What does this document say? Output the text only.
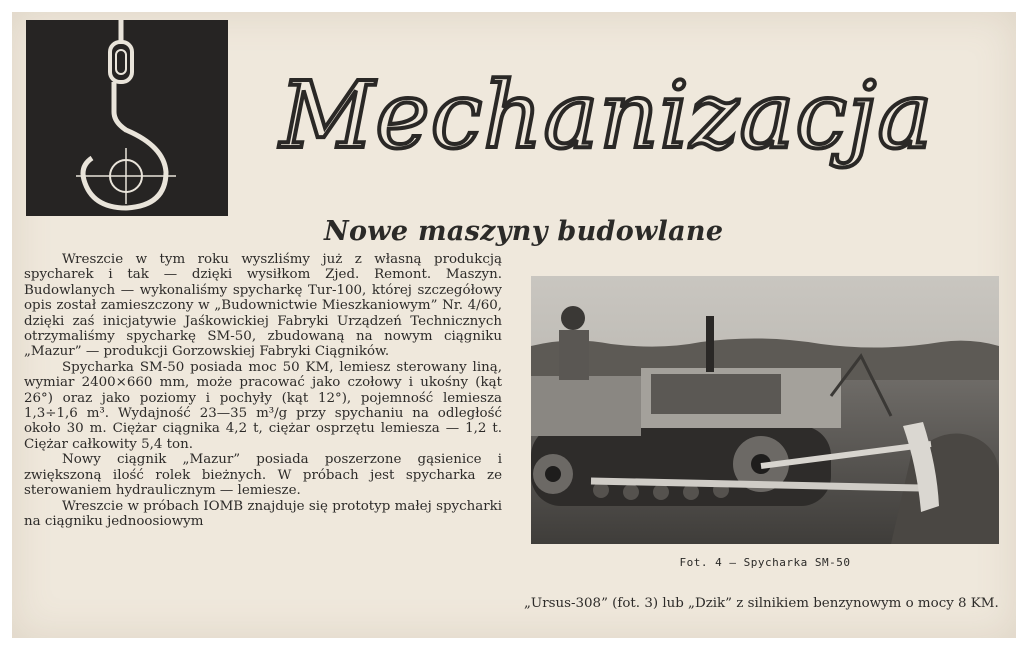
Mechanizacja
Nowe maszyny budowlane

Wreszcie w tym roku wyszliśmy już z własną produkcją spycharek i tak — dzięki wysiłkom Zjed. Remont. Maszyn. Budowlanych — wykonaliśmy spycharkę Tur-100, której szczegółowy opis został zamieszczony w „Budownictwie Mieszkaniowym” Nr. 4/60, dzięki zaś inicjatywie Jaśkowickiej Fabryki Urządzeń Technicznych otrzymaliśmy spycharkę SM-50, zbudowaną na nowym ciągniku „Mazur” — produkcji Gorzowskiej Fabryki Ciągników.

Spycharka SM-50 posiada moc 50 KM, lemiesz sterowany liną, wymiar 2400×660 mm, może pracować jako czołowy i ukośny (kąt 26°) oraz jako poziomy i pochyły (kąt 12°), pojemność lemiesza 1,3÷1,6 m³. Wydajność 23—35 m³/g przy spychaniu na odległość około 30 m. Ciężar ciągnika 4,2 t, ciężar osprzętu lemiesza — 1,2 t. Ciężar całkowity 5,4 ton.

Nowy ciągnik „Mazur” posiada poszerzone gąsienice i zwiększoną ilość rolek bieżnych. W próbach jest spycharka ze sterowaniem hydraulicznym — lemiesze.

Wreszcie w próbach IOMB znajduje się prototyp małej spycharki na ciągniku jednoosiowym

Fot. 4 — Spycharka SM-50

„Ursus-308” (fot. 3) lub „Dzik” z silnikiem benzynowym o mocy 8 KM.
